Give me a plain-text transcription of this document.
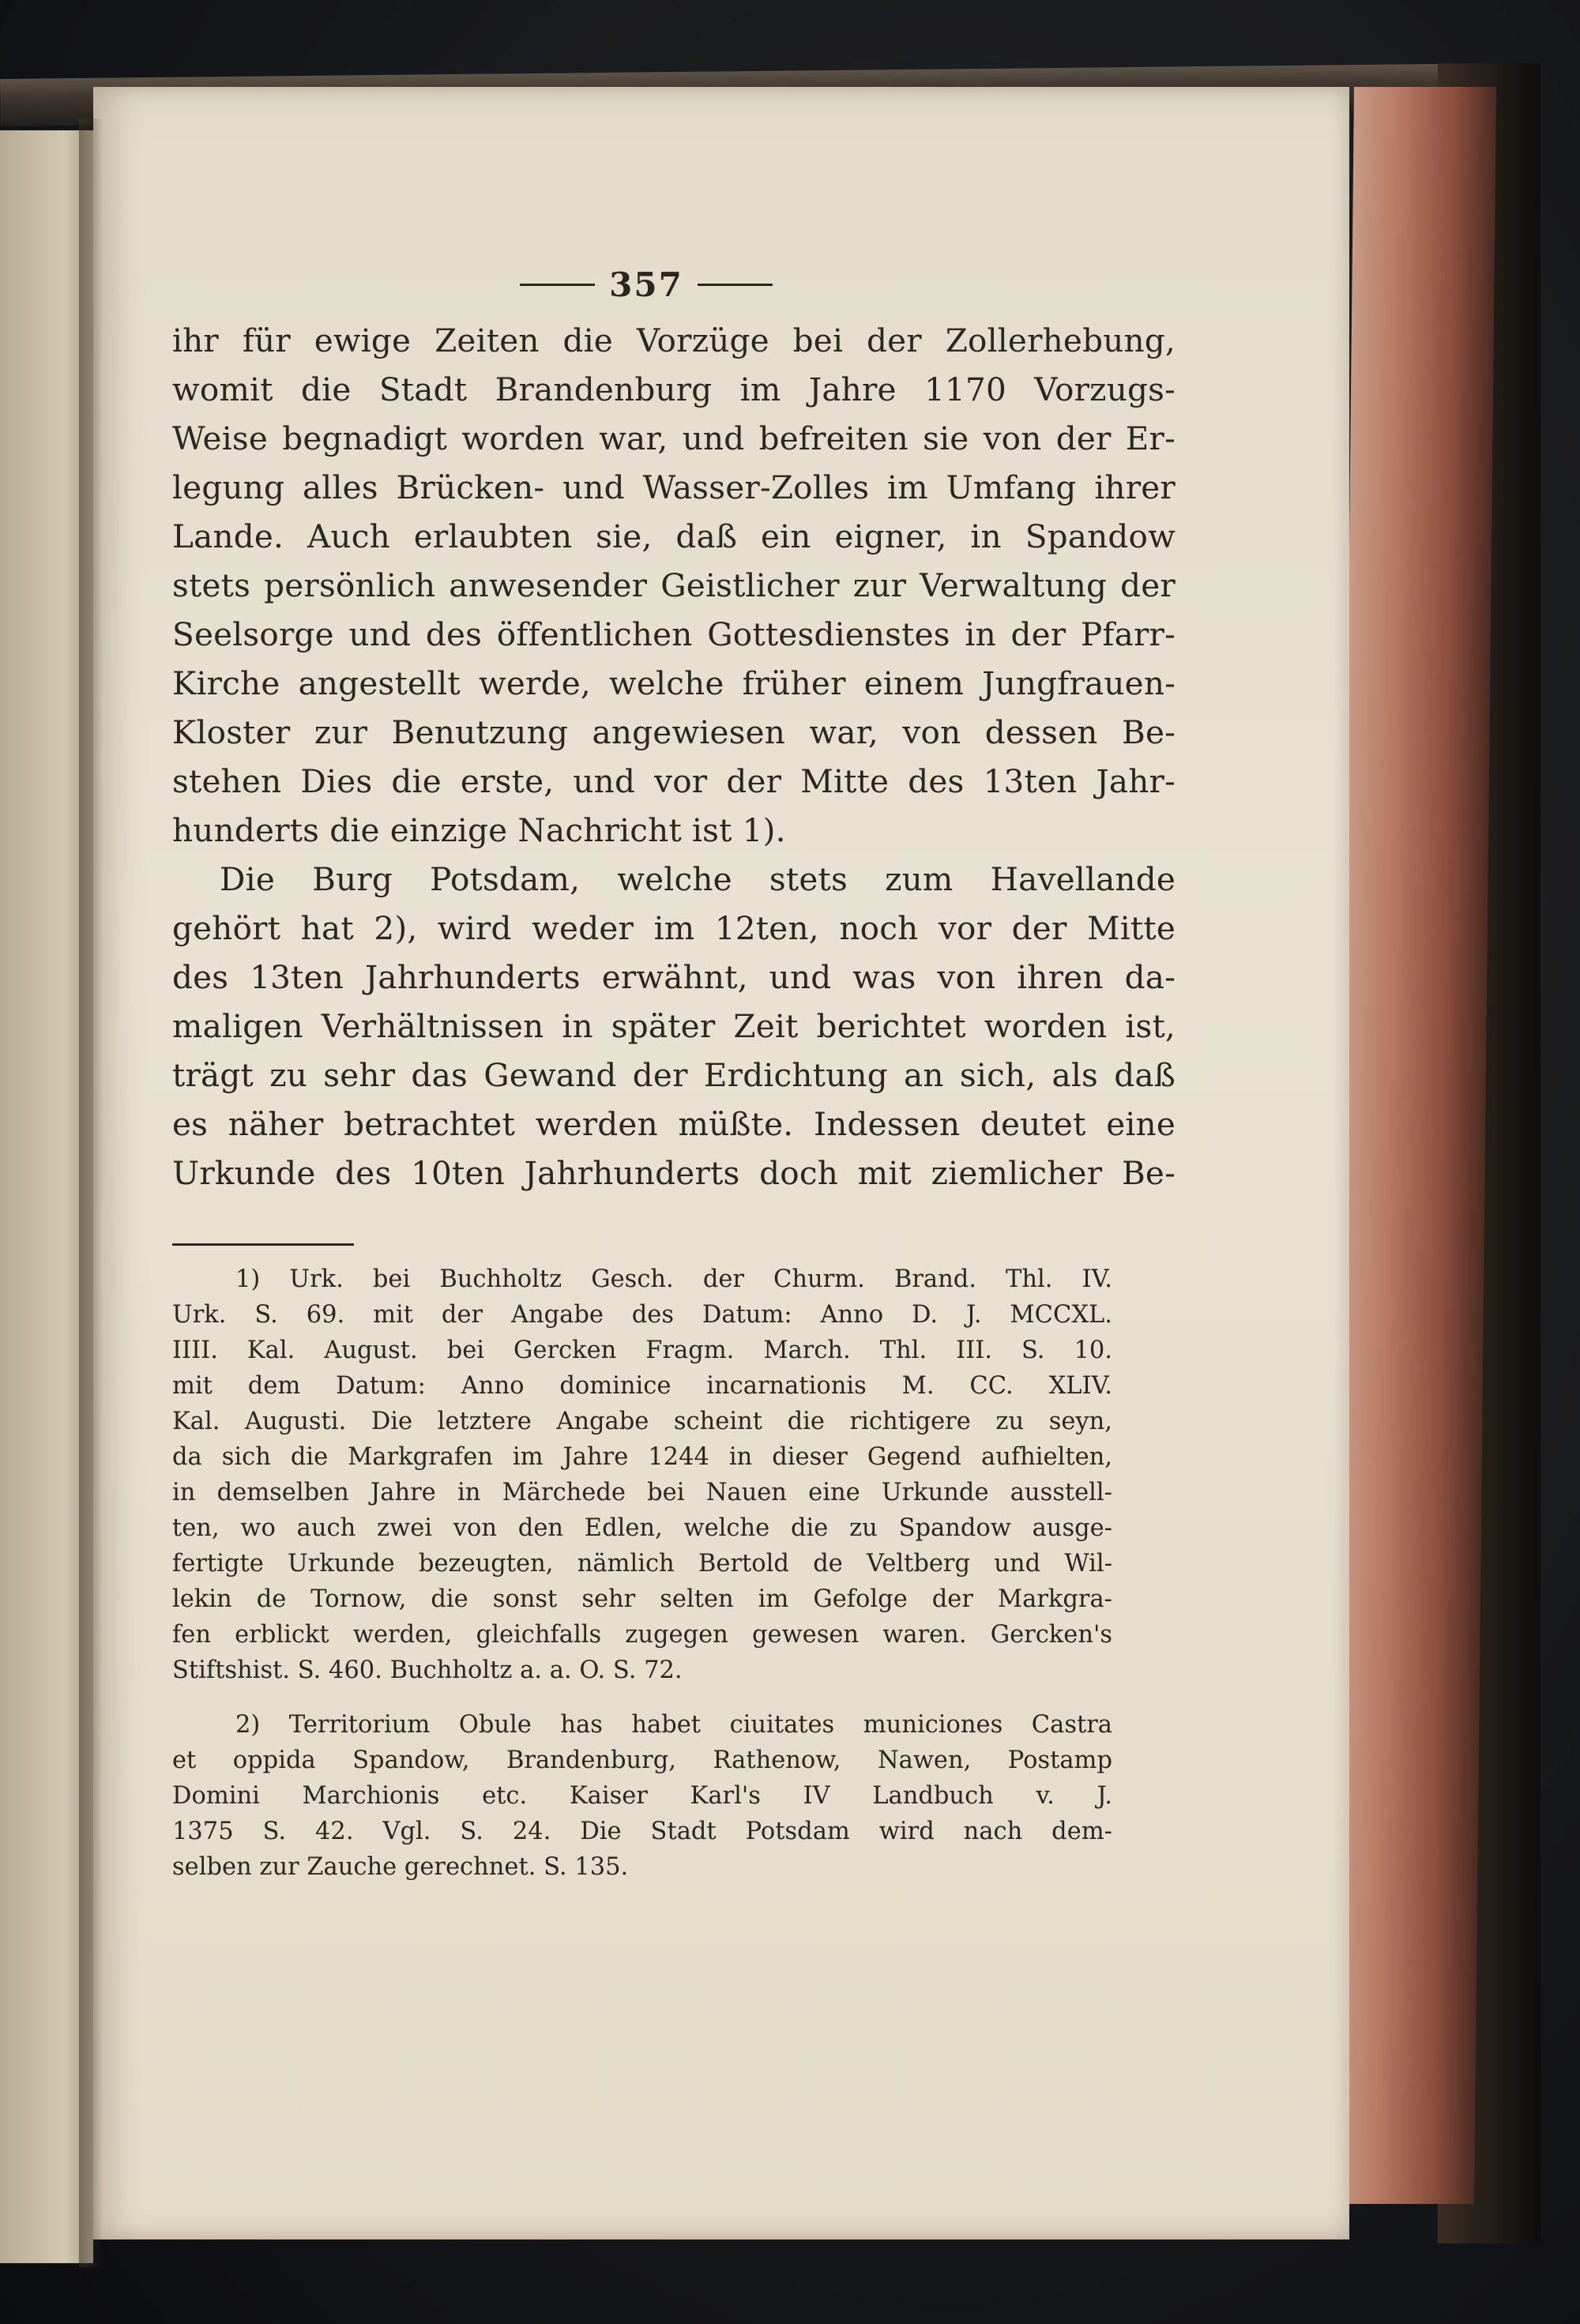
357
ihr für ewige Zeiten die Vorzüge bei der Zollerhebung,
womit die Stadt Brandenburg im Jahre 1170 Vorzugs-
Weise begnadigt worden war, und befreiten sie von der Er-
legung alles Brücken- und Wasser-Zolles im Umfang ihrer
Lande. Auch erlaubten sie, daß ein eigner, in Spandow
stets persönlich anwesender Geistlicher zur Verwaltung der
Seelsorge und des öffentlichen Gottesdienstes in der Pfarr-
Kirche angestellt werde, welche früher einem Jungfrauen-
Kloster zur Benutzung angewiesen war, von dessen Be-
stehen Dies die erste, und vor der Mitte des 13ten Jahr-
hunderts die einzige Nachricht ist 1).
Die Burg Potsdam, welche stets zum Havellande
gehört hat 2), wird weder im 12ten, noch vor der Mitte
des 13ten Jahrhunderts erwähnt, und was von ihren da-
maligen Verhältnissen in später Zeit berichtet worden ist,
trägt zu sehr das Gewand der Erdichtung an sich, als daß
es näher betrachtet werden müßte. Indessen deutet eine
Urkunde des 10ten Jahrhunderts doch mit ziemlicher Be-
1) Urk. bei Buchholtz Gesch. der Churm. Brand. Thl. IV.
Urk. S. 69. mit der Angabe des Datum: Anno D. J. MCCXL.
IIII. Kal. August. bei Gercken Fragm. March. Thl. III. S. 10.
mit dem Datum: Anno dominice incarnationis M. CC. XLIV.
Kal. Augusti. Die letztere Angabe scheint die richtigere zu seyn,
da sich die Markgrafen im Jahre 1244 in dieser Gegend aufhielten,
in demselben Jahre in Märchede bei Nauen eine Urkunde ausstell-
ten, wo auch zwei von den Edlen, welche die zu Spandow ausge-
fertigte Urkunde bezeugten, nämlich Bertold de Veltberg und Wil-
lekin de Tornow, die sonst sehr selten im Gefolge der Markgra-
fen erblickt werden, gleichfalls zugegen gewesen waren. Gercken's
Stiftshist. S. 460. Buchholtz a. a. O. S. 72.
2) Territorium Obule has habet ciuitates municiones Castra
et oppida Spandow, Brandenburg, Rathenow, Nawen, Postamp
Domini Marchionis etc. Kaiser Karl's IV Landbuch v. J.
1375 S. 42. Vgl. S. 24. Die Stadt Potsdam wird nach dem-
selben zur Zauche gerechnet. S. 135.
